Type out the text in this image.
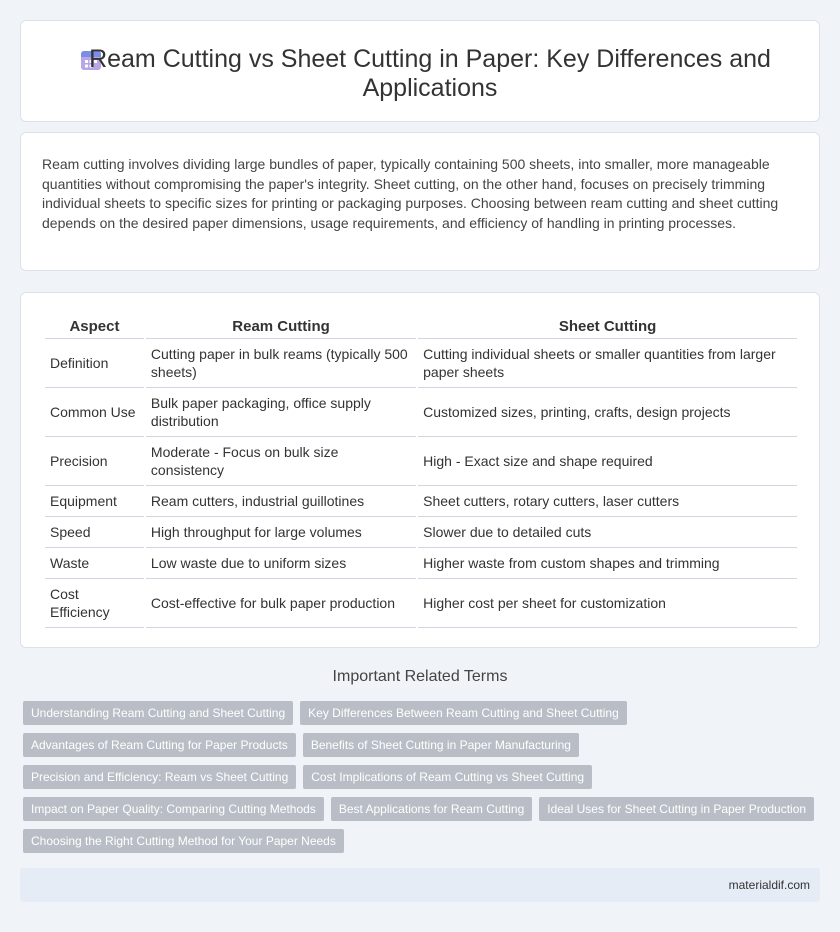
Ream Cutting vs Sheet Cutting in Paper: Key Differences and Applications

Ream cutting involves dividing large bundles of paper, typically containing 500 sheets, into smaller, more manageable quantities without compromising the paper's integrity. Sheet cutting, on the other hand, focuses on precisely trimming individual sheets to specific sizes for printing or packaging purposes. Choosing between ream cutting and sheet cutting depends on the desired paper dimensions, usage requirements, and efficiency of handling in printing processes.

Aspect	Ream Cutting	Sheet Cutting
Definition	Cutting paper in bulk reams (typically 500 sheets)	Cutting individual sheets or smaller quantities from larger paper sheets
Common Use	Bulk paper packaging, office supply distribution	Customized sizes, printing, crafts, design projects
Precision	Moderate - Focus on bulk size consistency	High - Exact size and shape required
Equipment	Ream cutters, industrial guillotines	Sheet cutters, rotary cutters, laser cutters
Speed	High throughput for large volumes	Slower due to detailed cuts
Waste	Low waste due to uniform sizes	Higher waste from custom shapes and trimming
Cost Efficiency	Cost-effective for bulk paper production	Higher cost per sheet for customization
Important Related Terms
Understanding Ream Cutting and Sheet Cutting	Key Differences Between Ream Cutting and Sheet Cutting
Advantages of Ream Cutting for Paper Products	Benefits of Sheet Cutting in Paper Manufacturing
Precision and Efficiency: Ream vs Sheet Cutting	Cost Implications of Ream Cutting vs Sheet Cutting
Impact on Paper Quality: Comparing Cutting Methods	Best Applications for Ream Cutting	Ideal Uses for Sheet Cutting in Paper Production
Choosing the Right Cutting Method for Your Paper Needs
materialdif.com
